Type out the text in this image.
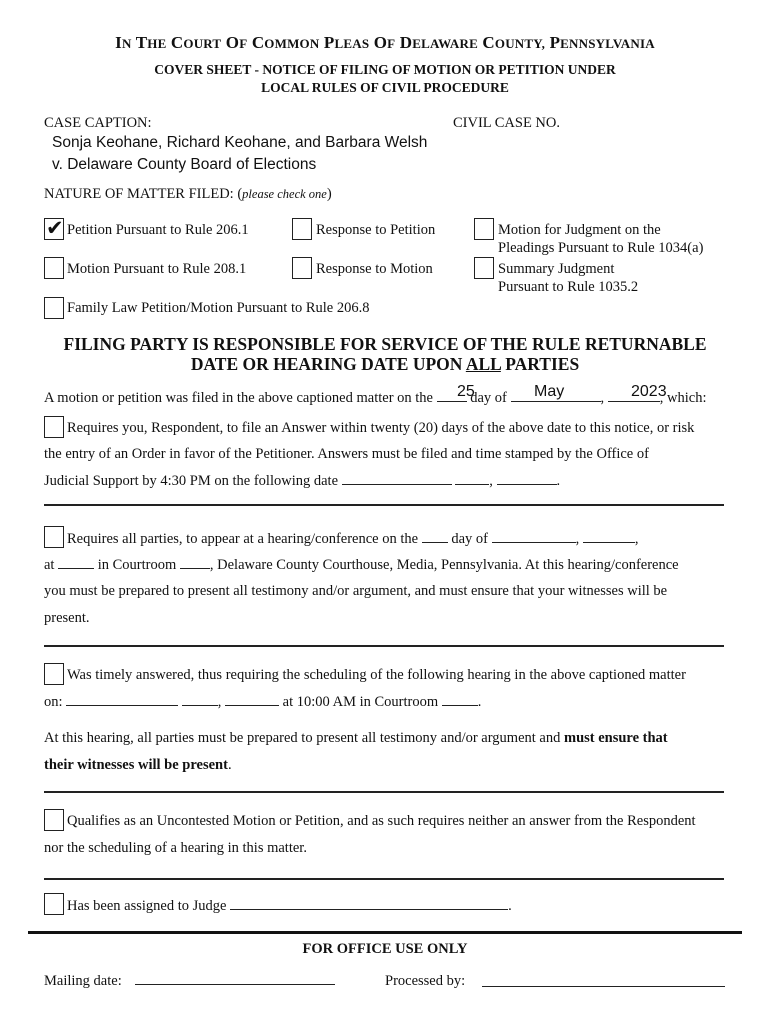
IN THE COURT OF COMMON PLEAS OF DELAWARE COUNTY, PENNSYLVANIA
COVER SHEET - NOTICE OF FILING OF MOTION OR PETITION UNDER
LOCAL RULES OF CIVIL PROCEDURE
CASE CAPTION:	CIVIL CASE NO.
Sonja Keohane, Richard Keohane, and Barbara Welsh
v. Delaware County Board of Elections
NATURE OF MATTER FILED: (please check one)
✔ Petition Pursuant to Rule 206.1	Response to Petition	Motion for Judgment on the
Pleadings Pursuant to Rule 1034(a)
Motion Pursuant to Rule 208.1	Response to Motion	Summary Judgment
Pursuant to Rule 1035.2
Family Law Petition/Motion Pursuant to Rule 206.8
FILING PARTY IS RESPONSIBLE FOR SERVICE OF THE RULE RETURNABLE
DATE OR HEARING DATE UPON ALL PARTIES
A motion or petition was filed in the above captioned matter on the	day of	,	, which:
25	May	2023
Requires you, Respondent, to file an Answer within twenty (20) days of the above date to this notice, or risk
the entry of an Order in favor of the Petitioner. Answers must be filed and time stamped by the Office of
Judicial Support by 4:30 PM on the following date	,	.
Requires all parties, to appear at a hearing/conference on the day of	,	,
at	in Courtroom , Delaware County Courthouse, Media, Pennsylvania. At this hearing/conference
you must be prepared to present all testimony and/or argument, and must ensure that your witnesses will be
present.
Was timely answered, thus requiring the scheduling of the following hearing in the above captioned matter
on:	,	at 10:00 AM in Courtroom	.
At this hearing, all parties must be prepared to present all testimony and/or argument and must ensure that
their witnesses will be present.
Qualifies as an Uncontested Motion or Petition, and as such requires neither an answer from the Respondent
nor the scheduling of a hearing in this matter.
Has been assigned to Judge	.
FOR OFFICE USE ONLY
Mailing date:	Processed by:
